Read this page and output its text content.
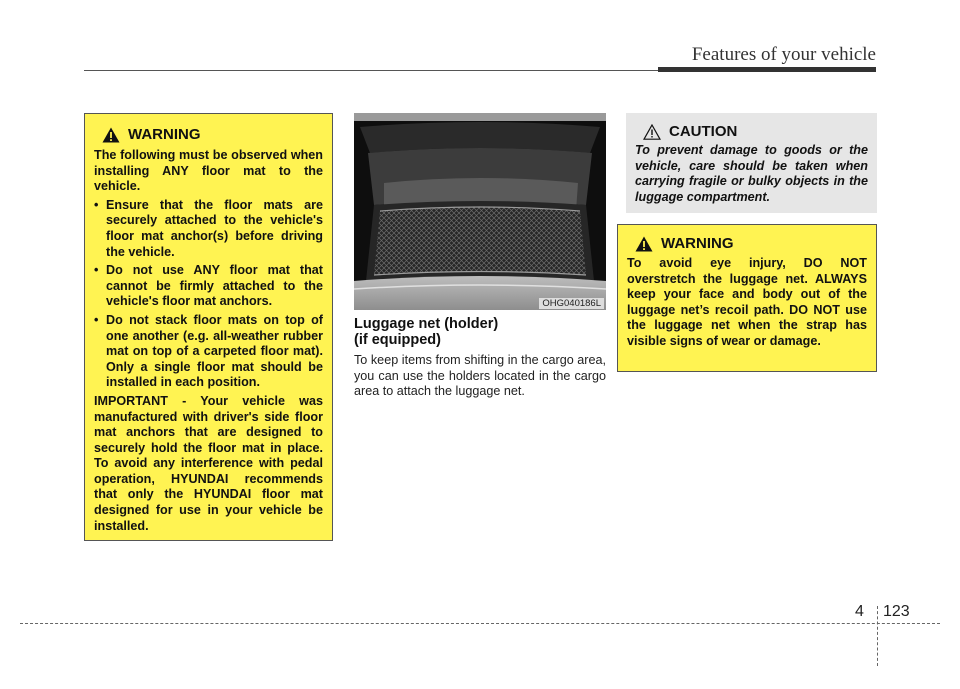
Features of your vehicle
WARNING

The following must be observed when installing ANY floor mat to the vehicle.

• Ensure that the floor mats are securely attached to the vehicle's floor mat anchor(s) before driving the vehicle.
• Do not use ANY floor mat that cannot be firmly attached to the vehicle's floor mat anchors.
• Do not stack floor mats on top of one another (e.g. all-weather rubber mat on top of a carpeted floor mat). Only a single floor mat should be installed in each position.

IMPORTANT - Your vehicle was manufactured with driver's side floor mat anchors that are designed to securely hold the floor mat in place. To avoid any interference with pedal operation, HYUNDAI recommends that only the HYUNDAI floor mat designed for use in your vehicle be installed.

OHG040186L
Luggage net (holder)
(if equipped)

To keep items from shifting in the cargo area, you can use the holders located in the cargo area to attach the luggage net.

CAUTION

To prevent damage to goods or the vehicle, care should be taken when carrying fragile or bulky objects in the luggage compartment.

WARNING

To avoid eye injury, DO NOT overstretch the luggage net. ALWAYS keep your face and body out of the luggage net’s recoil path. DO NOT use the luggage net when the strap has visible signs of wear or damage.

4 123
